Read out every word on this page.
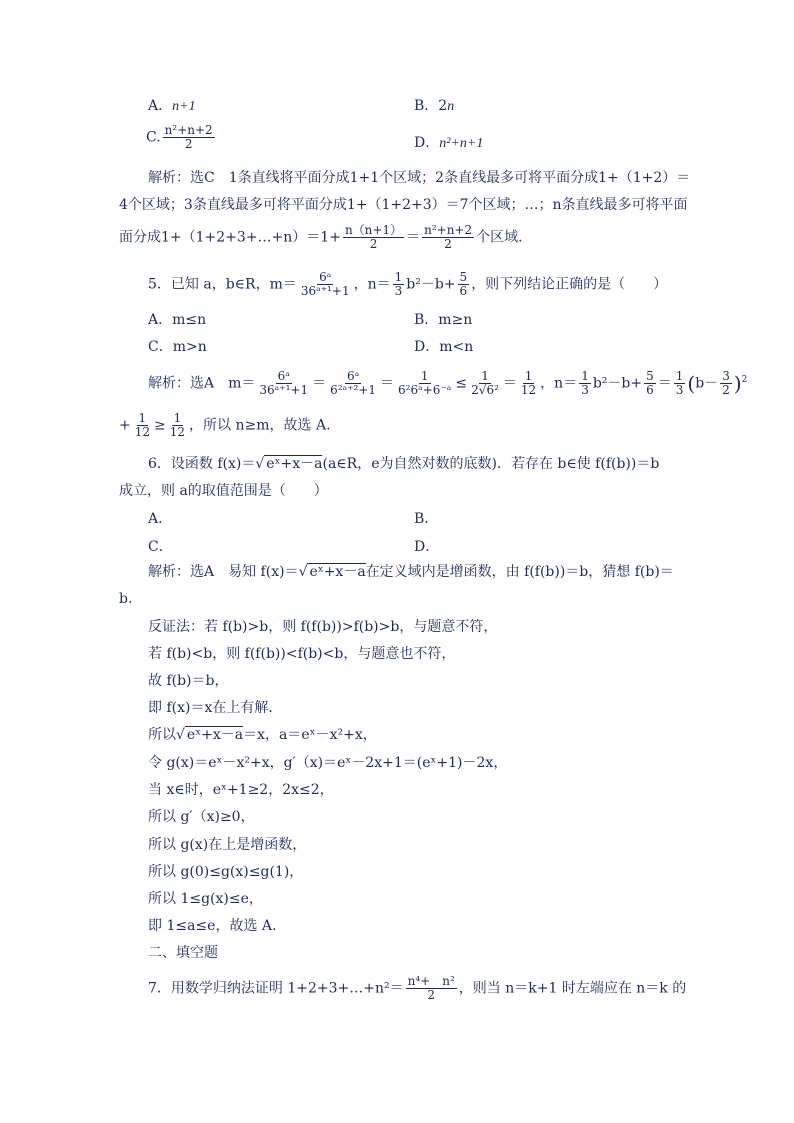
A．n+1	B．2n
C. $\frac{\text{n²+n+2}}{2}$	D．n²+n+1
解析：选C　1条直线将平面分成1+1个区域；2条直线最多可将平面分成1+（1+2）＝
4个区域；3条直线最多可将平面分成1+（1+2+3）＝7个区域；…；n条直线最多可将平面
面分成1+（1+2+3+…+n）＝1+ $\frac{n(n+1)}{2} = \frac{\text{n²+n+2}}{2}$ 个区域.
5．已知 a，b∈R，$m= \frac{\text{6ᵃ}}{\text{36ᵃ⁺¹+1}}$ ，$n= \frac{1}{3} b^2-b+ \frac{5}{6}$ ，则下列结论正确的是（　　）
A．m≤n	B．m≥n
C．m>n	D．m<n
解析：选A　$m= \frac{\text{6ᵃ}}{\text{36ᵃ⁺¹+1}} = \frac{\text{6ᵃ}}{\text{6²ᵃ⁺²+1}} = \frac{1}{\text{6²6ᵃ+6⁻ᵃ}} \le \frac{1}{\text{2√6²}} = \frac{1}{12}$ ，$n= \frac{1}{3} b^2-b+ \frac{5}{6} = \frac{1}{3} (b- \frac{3}{2} )^2$
+ $\frac{1}{12} \ge \frac{1}{12}$ ，所以 n≥m，故选 A.
6．设函数 f(x)＝√ eˣ+x－a(a∈R，e为自然对数的底数)．若存在 b∈使 f(f(b))＝b
成立，则 a的取值范围是（　　）
A．	B．
C．	D．
解析：选A　易知 f(x)＝√ eˣ+x－a在定义域内是增函数，由 f(f(b))＝b，猜想 f(b)＝
b.
反证法：若 f(b)>b，则 f(f(b))>f(b)>b，与题意不符，
若 f(b)<b，则 f(f(b))<f(b)<b，与题意也不符，
故 f(b)＝b，
即 f(x)＝x在上有解．
所以√ eˣ+x－a＝x，a＝eˣ－x²+x，
令 g(x)＝eˣ－x²+x，g′（x)＝eˣ－2x+1＝(eˣ+1)－2x，
当 x∈时，eˣ+1≥2，2x≤2，
所以 g′（x)≥0，
所以 g(x)在上是增函数，
所以 g(0)≤g(x)≤g(1)，
所以 1≤g(x)≤e，
即 1≤a≤e，故选 A.
二、填空题
7．用数学归纳法证明 1+2+3+…+n²＝ $\frac{\text{n⁴+　n²}}{2}$ ，则当 n＝k+1 时左端应在 n＝k 的
